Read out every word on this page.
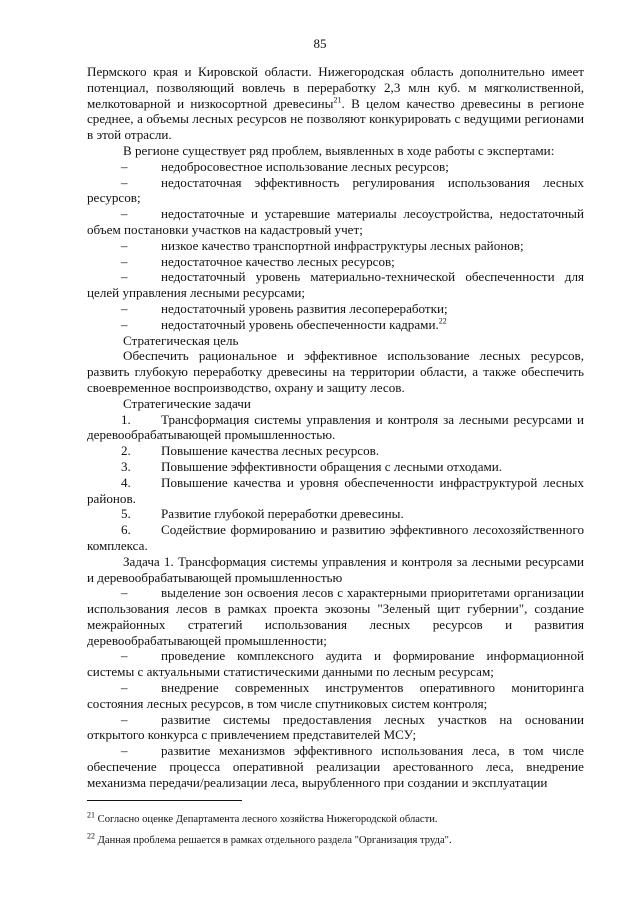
85

Пермского края и Кировской области. Нижегородская область дополнительно имеет потенциал, позволяющий вовлечь в переработку 2,3 млн куб. м мягколиственной, мелкотоварной и низкосортной древесины$^{21}$. В целом качество древесины в регионе среднее, а объемы лесных ресурсов не позволяют конкурировать с ведущими регионами в этой отрасли.

В регионе существует ряд проблем, выявленных в ходе работы с экспертами:

–	недобросовестное использование лесных ресурсов;
–	недостаточная эффективность регулирования использования лесных ресурсов;
–	недостаточные и устаревшие материалы лесоустройства, недостаточный объем постановки участков на кадастровый учет;
–	низкое качество транспортной инфраструктуры лесных районов;
–	недостаточное качество лесных ресурсов;
–	недостаточный уровень материально-технической обеспеченности для целей управления лесными ресурсами;
–	недостаточный уровень развития лесопереработки;
–	недостаточный уровень обеспеченности кадрами.$^{22}$

Стратегическая цель

Обеспечить рациональное и эффективное использование лесных ресурсов, развить глубокую переработку древесины на территории области, а также обеспечить своевременное воспроизводство, охрану и защиту лесов.

Стратегические задачи

1. Трансформация системы управления и контроля за лесными ресурсами и деревообрабатывающей промышленностью.
2. Повышение качества лесных ресурсов.
3. Повышение эффективности обращения с лесными отходами.
4. Повышение качества и уровня обеспеченности инфраструктурой лесных районов.
5. Развитие глубокой переработки древесины.
6. Содействие формированию и развитию эффективного лесохозяйственного комплекса.

Задача 1. Трансформация системы управления и контроля за лесными ресурсами и деревообрабатывающей промышленностью

–	выделение зон освоения лесов с характерными приоритетами организации использования лесов в рамках проекта экозоны "Зеленый щит губернии", создание межрайонных стратегий использования лесных ресурсов и развития деревообрабатывающей промышленности;
–	проведение комплексного аудита и формирование информационной системы с актуальными статистическими данными по лесным ресурсам;
–	внедрение современных инструментов оперативного мониторинга состояния лесных ресурсов, в том числе спутниковых систем контроля;
–	развитие системы предоставления лесных участков на основании открытого конкурса с привлечением представителей МСУ;
–	развитие механизмов эффективного использования леса, в том числе обеспечение процесса оперативной реализации арестованного леса, внедрение механизма передачи/реализации леса, вырубленного при создании и эксплуатации

$^{21}$ Согласно оценке Департамента лесного хозяйства Нижегородской области.

$^{22}$ Данная проблема решается в рамках отдельного раздела "Организация труда".
